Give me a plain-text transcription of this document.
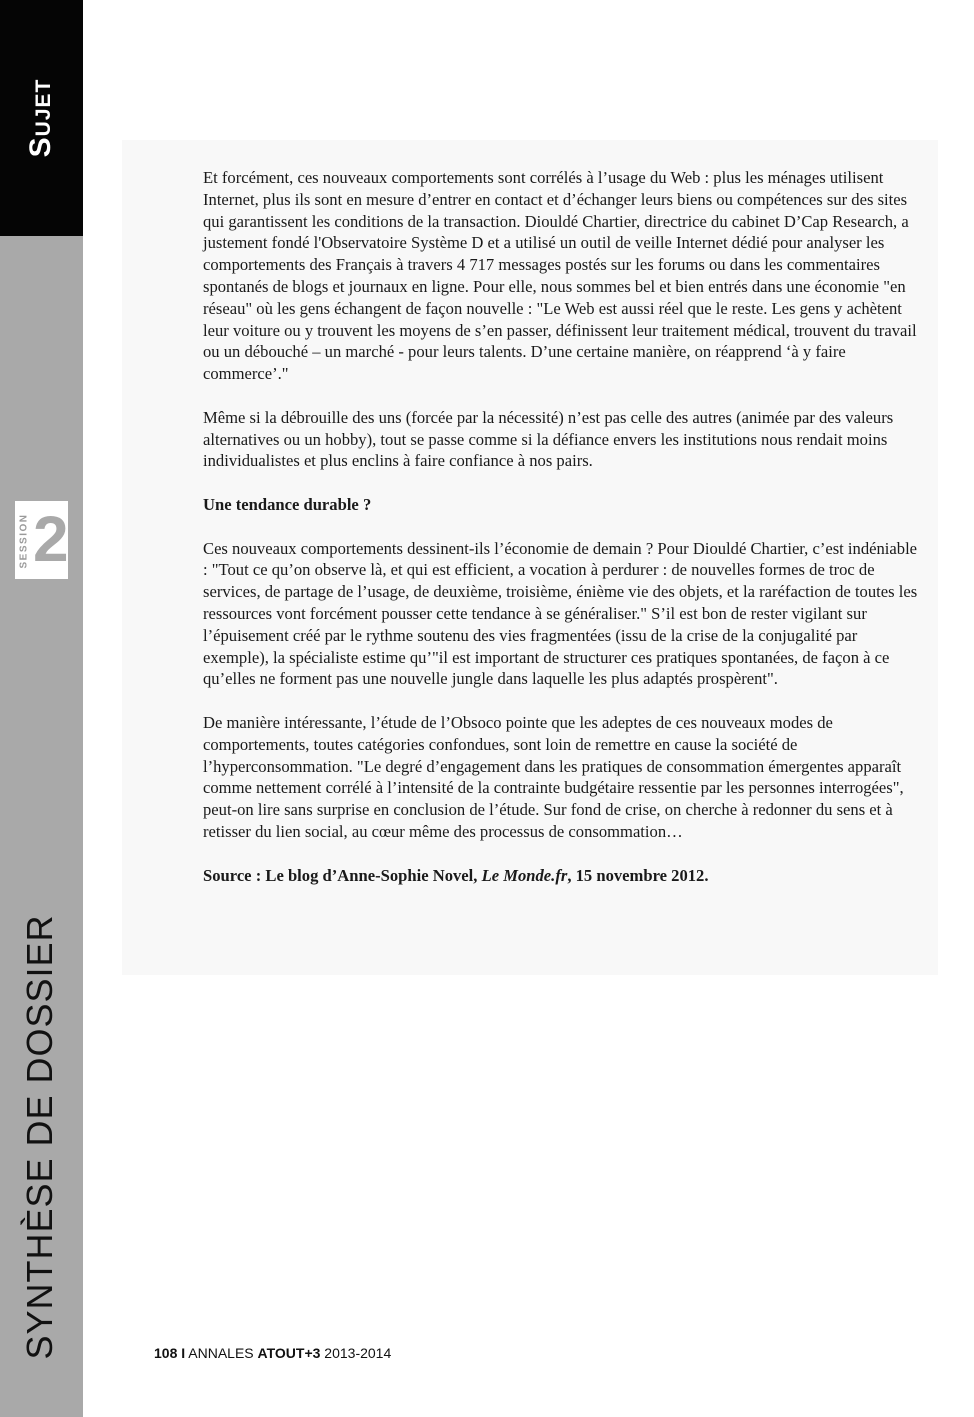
Sujet
SESSION 2
SYNTHÈSE DE DOSSIER

Et forcément, ces nouveaux comportements sont corrélés à l’usage du Web : plus les ménages utilisent Internet, plus ils sont en mesure d’entrer en contact et d’échanger leurs biens ou compétences sur des sites qui garantissent les conditions de la transaction. Diouldé Chartier, directrice du cabinet D’Cap Research, a justement fondé l'Observatoire Système D et a utilisé un outil de veille Internet dédié pour analyser les comportements des Français à travers 4 717 messages postés sur les forums ou dans les commentaires spontanés de blogs et journaux en ligne. Pour elle, nous sommes bel et bien entrés dans une économie "en réseau" où les gens échangent de façon nouvelle : "Le Web est aussi réel que le reste. Les gens y achètent leur voiture ou y trouvent les moyens de s’en passer, définissent leur traitement médical, trouvent du travail ou un débouché – un marché - pour leurs talents. D’une certaine manière, on réapprend ‘à y faire commerce’."

Même si la débrouille des uns (forcée par la nécessité) n’est pas celle des autres (animée par des valeurs alternatives ou un hobby), tout se passe comme si la défiance envers les institutions nous rendait moins individualistes et plus enclins à faire confiance à nos pairs.

Une tendance durable ?

Ces nouveaux comportements dessinent-ils l’économie de demain ? Pour Diouldé Chartier, c’est indéniable : "Tout ce qu’on observe là, et qui est efficient, a vocation à perdurer : de nouvelles formes de troc de services, de partage de l’usage, de deuxième, troisième, énième vie des objets, et la raréfaction de toutes les ressources vont forcément pousser cette tendance à se généraliser." S’il est bon de rester vigilant sur l’épuisement créé par le rythme soutenu des vies fragmentées (issu de la crise de la conjugalité par exemple), la spécialiste estime qu’"il est important de structurer ces pratiques spontanées, de façon à ce qu’elles ne forment pas une nouvelle jungle dans laquelle les plus adaptés prospèrent".

De manière intéressante, l’étude de l’Obsoco pointe que les adeptes de ces nouveaux modes de comportements, toutes catégories confondues, sont loin de remettre en cause la société de l’hyperconsommation. "Le degré d’engagement dans les pratiques de consommation émergentes apparaît comme nettement corrélé à l’intensité de la contrainte budgétaire ressentie par les personnes interrogées", peut-on lire sans surprise en conclusion de l’étude. Sur fond de crise, on cherche à redonner du sens et à retisser du lien social, au cœur même des processus de consommation…

Source : Le blog d’Anne-Sophie Novel, Le Monde.fr, 15 novembre 2012.

108 I ANNALES ATOUT+3 2013-2014
